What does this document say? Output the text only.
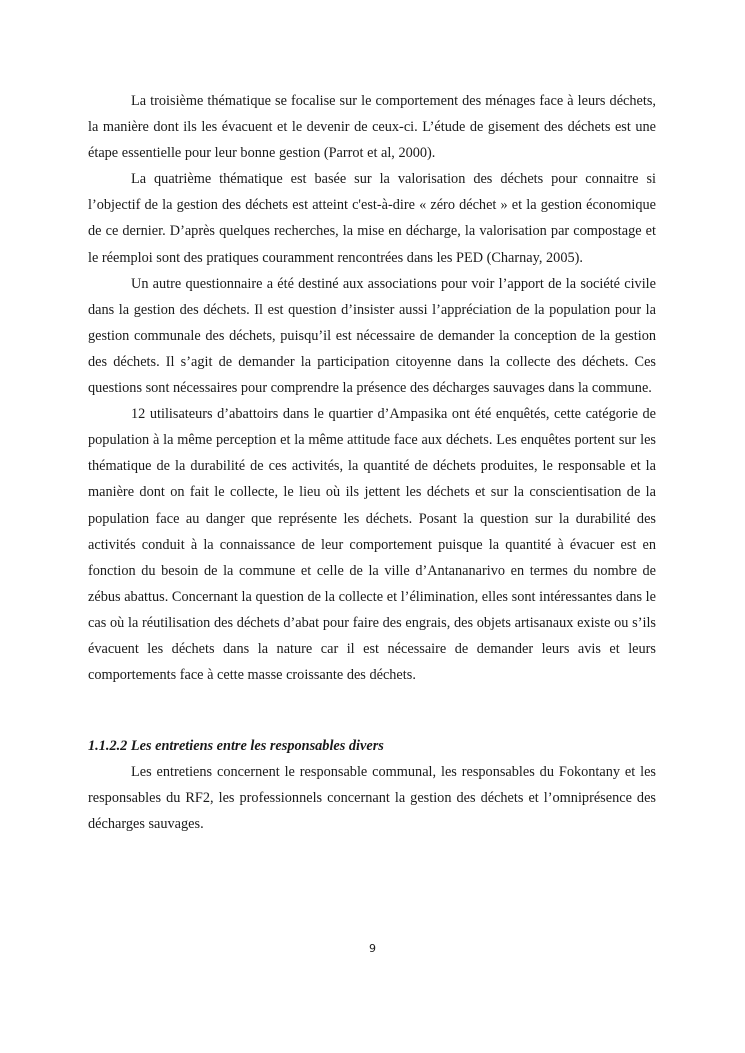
La troisième thématique se focalise sur le comportement des ménages face à leurs déchets, la manière dont ils les évacuent et le devenir de ceux-ci. L’étude de gisement des déchets est une étape essentielle pour leur bonne gestion (Parrot et al, 2000).

La quatrième thématique est basée sur la valorisation des déchets pour connaitre si l’objectif de la gestion des déchets est atteint c'est-à-dire « zéro déchet » et la gestion économique de ce dernier. D’après quelques recherches, la mise en décharge, la valorisation par compostage et le réemploi sont des pratiques couramment rencontrées dans les PED (Charnay, 2005).

Un autre questionnaire a été destiné aux associations pour voir l’apport de la société civile dans la gestion des déchets. Il est question d’insister aussi l’appréciation de la population pour la gestion communale des déchets, puisqu’il est nécessaire de demander la conception de la gestion des déchets. Il s’agit de demander la participation citoyenne dans la collecte des déchets. Ces questions sont nécessaires pour comprendre la présence des décharges sauvages dans la commune.

12 utilisateurs d’abattoirs dans le quartier d’Ampasika ont été enquêtés, cette catégorie de population à la même perception et la même attitude face aux déchets. Les enquêtes portent sur les thématique de la durabilité de ces activités, la quantité de déchets produites, le responsable et la manière dont on fait le collecte, le lieu où ils jettent les déchets et sur la conscientisation de la population face au danger que représente les déchets. Posant la question sur la durabilité des activités conduit à la connaissance de leur comportement puisque la quantité à évacuer est en fonction du besoin de la commune et celle de la ville d’Antananarivo en termes du nombre de zébus abattus. Concernant la question de la collecte et l’élimination, elles sont intéressantes dans le cas où la réutilisation des déchets d’abat pour faire des engrais, des objets artisanaux existe ou s’ils évacuent les déchets dans la nature car il est nécessaire de demander leurs avis et leurs comportements face à cette masse croissante des déchets.

1.1.2.2 Les entretiens entre les responsables divers

Les entretiens concernent le responsable communal, les responsables du Fokontany et les responsables du RF2, les professionnels concernant la gestion des déchets et l’omniprésence des décharges sauvages.

9
